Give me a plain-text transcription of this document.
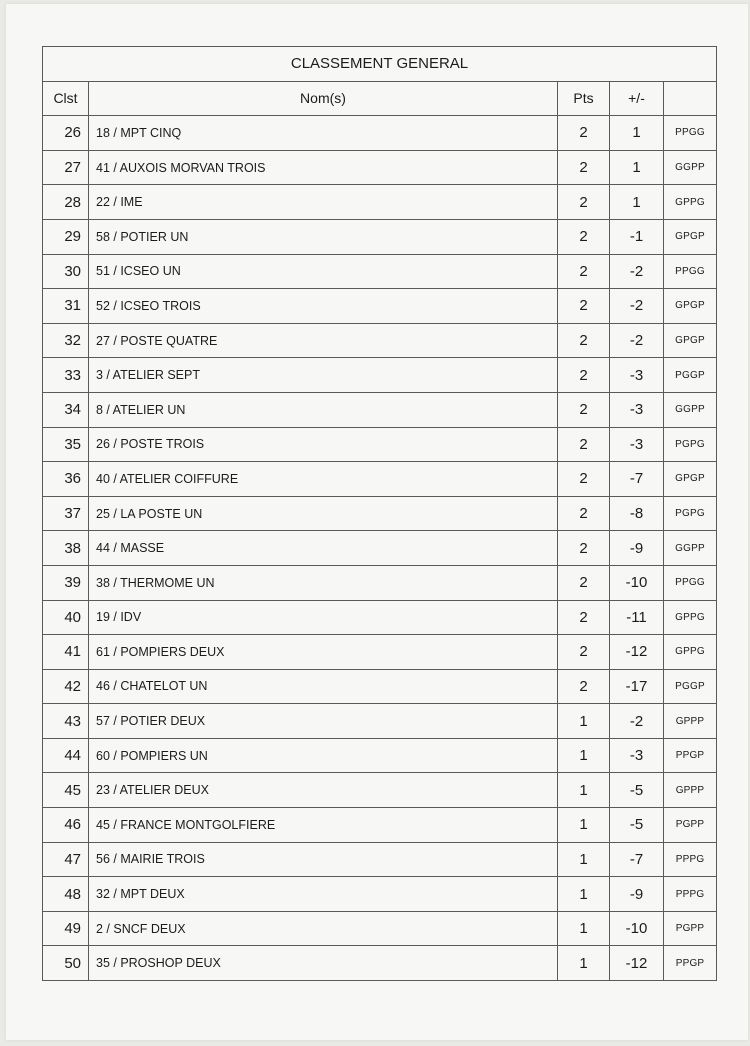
CLASSEMENT GENERAL				
Clst	Nom(s)	Pts	+/-	
26	18 / MPT CINQ	2	1	PPGG
27	41 / AUXOIS MORVAN TROIS	2	1	GGPP
28	22 / IME	2	1	GPPG
29	58 / POTIER UN	2	-1	GPGP
30	51 / ICSEO UN	2	-2	PPGG
31	52 / ICSEO TROIS	2	-2	GPGP
32	27 / POSTE QUATRE	2	-2	GPGP
33	3 / ATELIER SEPT	2	-3	PGGP
34	8 / ATELIER UN	2	-3	GGPP
35	26 / POSTE TROIS	2	-3	PGPG
36	40 / ATELIER COIFFURE	2	-7	GPGP
37	25 / LA POSTE UN	2	-8	PGPG
38	44 / MASSE	2	-9	GGPP
39	38 / THERMOME UN	2	-10	PPGG
40	19 / IDV	2	-11	GPPG
41	61 / POMPIERS DEUX	2	-12	GPPG
42	46 / CHATELOT UN	2	-17	PGGP
43	57 / POTIER DEUX	1	-2	GPPP
44	60 / POMPIERS UN	1	-3	PPGP
45	23 / ATELIER DEUX	1	-5	GPPP
46	45 / FRANCE MONTGOLFIERE	1	-5	PGPP
47	56 / MAIRIE TROIS	1	-7	PPPG
48	32 / MPT DEUX	1	-9	PPPG
49	2 / SNCF DEUX	1	-10	PGPP
50	35 / PROSHOP DEUX	1	-12	PPGP
